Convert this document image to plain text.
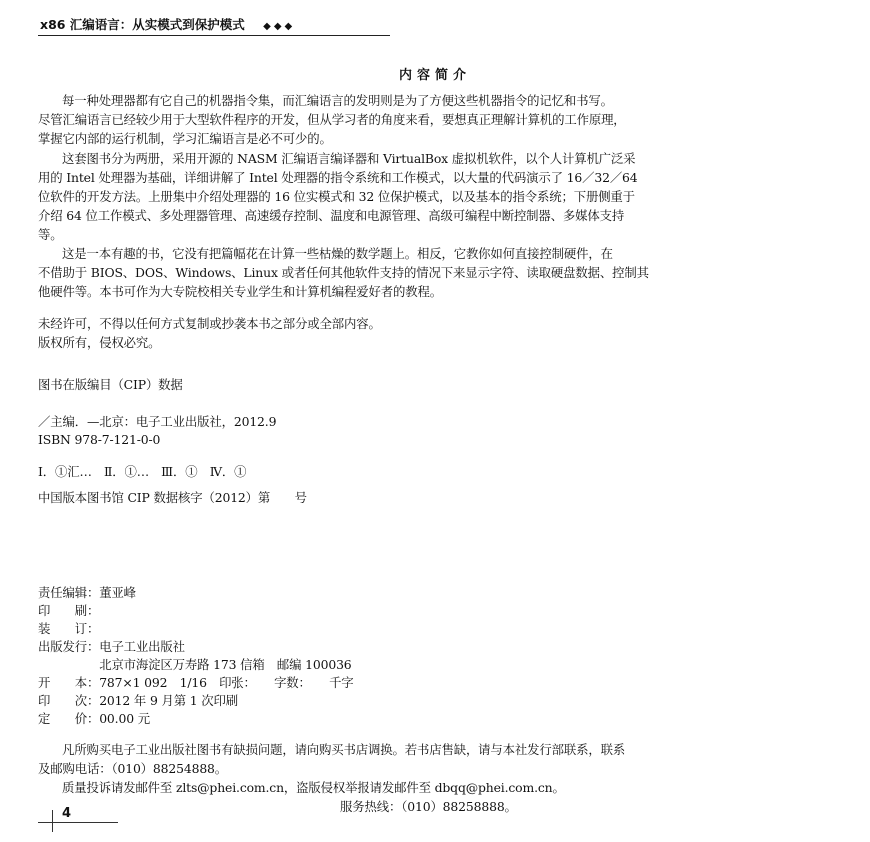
x86 汇编语言：从实模式到保护模式 ◆◆◆
内容简介
每一种处理器都有它自己的机器指令集，而汇编语言的发明则是为了方便这些机器指令的记忆和书写。
尽管汇编语言已经较少用于大型软件程序的开发，但从学习者的角度来看，要想真正理解计算机的工作原理，
掌握它内部的运行机制，学习汇编语言是必不可少的。
这套图书分为两册，采用开源的 NASM 汇编语言编译器和 VirtualBox 虚拟机软件，以个人计算机广泛采
用的 Intel 处理器为基础，详细讲解了 Intel 处理器的指令系统和工作模式，以大量的代码演示了 16／32／64
位软件的开发方法。上册集中介绍处理器的 16 位实模式和 32 位保护模式，以及基本的指令系统；下册侧重于
介绍 64 位工作模式、多处理器管理、高速缓存控制、温度和电源管理、高级可编程中断控制器、多媒体支持
等。
这是一本有趣的书，它没有把篇幅花在计算一些枯燥的数学题上。相反，它教你如何直接控制硬件，在
不借助于 BIOS、DOS、Windows、Linux 或者任何其他软件支持的情况下来显示字符、读取硬盘数据、控制其
他硬件等。本书可作为大专院校相关专业学生和计算机编程爱好者的教程。
未经许可，不得以任何方式复制或抄袭本书之部分或全部内容。
版权所有，侵权必究。
图书在版编目（CIP）数据
／主编．—北京：电子工业出版社，2012.9
ISBN 978-7-121-0-0
Ⅰ．①汇…　Ⅱ．①…　Ⅲ．①　Ⅳ．①
中国版本图书馆 CIP 数据核字（2012）第　　号
责任编辑：董亚峰
印　　刷：
装　　订：
出版发行：电子工业出版社
　　　　　北京市海淀区万寿路 173 信箱　邮编 100036
开　　本：787×1 092　1/16　印张：　　字数：　　千字
印　　次：2012 年 9 月第 1 次印刷
定　　价：00.00 元
凡所购买电子工业出版社图书有缺损问题，请向购买书店调换。若书店售缺，请与本社发行部联系，联系
及邮购电话：（010）88254888。
质量投诉请发邮件至 zlts@phei.com.cn，盗版侵权举报请发邮件至 dbqq@phei.com.cn。
服务热线：（010）88258888。
4
